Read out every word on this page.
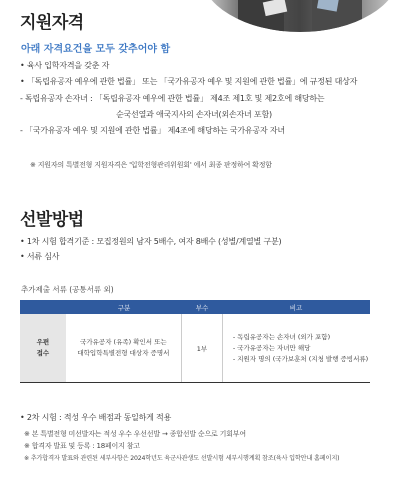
지원자격
아래 자격요건을 모두 갖추어야 함
• 육사 입학자격을 갖춘 자
• 「독립유공자 예우에 관한 법률」 또는 「국가유공자 예우 및 지원에 관한 법률」에 규정된 대상자
- 독립유공자 손자녀 : 「독립유공자 예우에 관한 법률」 제4조 제1호 및 제2호에 해당하는
순국선열과 애국지사의 손자녀(외손자녀 포함)
- 「국가유공자 예우 및 지원에 관한 법률」 제4조에 해당하는 국가유공자 자녀
※ 지원자의 특별전형 지원자격은 '입학전형관리위원회' 에서 최종 판정하여 확정함
선발방법
• 1차 시험 합격기준 : 모집정원의 남자 5배수, 여자 8배수 (성별/계열별 구분)
• 서류 심사
추가제출 서류 (공통서류 외)
구분	부수	비고
우편
접수
국가유공자 (유족) 확인서 또는
대학입학특별전형 대상자 증명서
1부
- 독립유공자는 손자녀 (외가 포함)
- 국가유공자는 자녀만 해당
- 지원자 명의 (국가보훈처 (지청 발행 증빙서류)
• 2차 시험 : 적성 우수 배점과 동일하게 적용
※ 본 특별전형 미선발자는 적성 우수 우선선발 → 종합선발 순으로 기회부여
※ 합격자 발표 및 등록 : 18페이지 참고
※ 추가합격자 발표와 관련된 세부사항은 2024학년도 육군사관생도 선발시험 세부시행계획 참조(육사 입학안내 홈페이지)
